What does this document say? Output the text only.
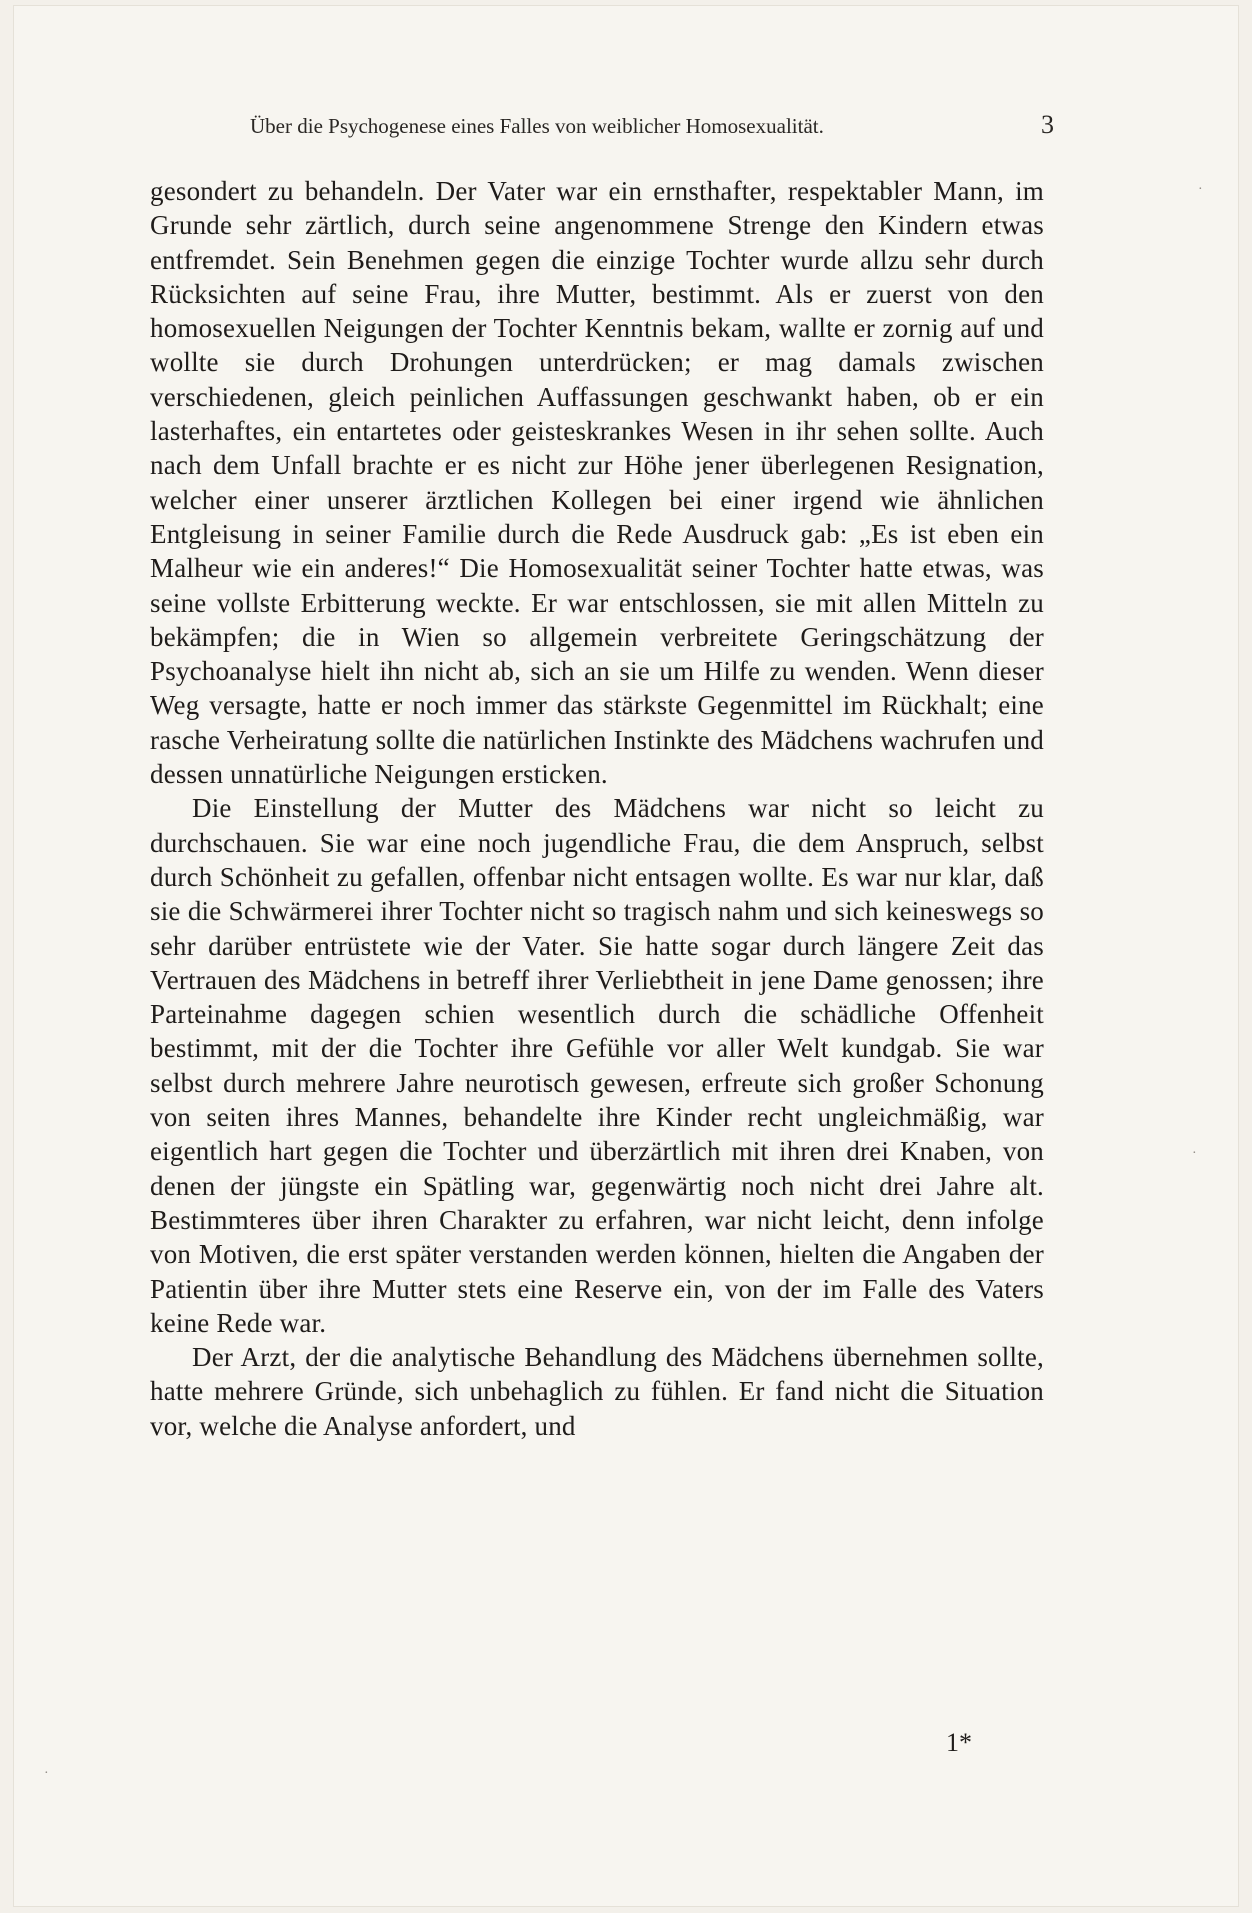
Über die Psychogenese eines Falles von weiblicher Homosexualität.	3

gesondert zu behandeln. Der Vater war ein ernsthafter, respektabler Mann, im Grunde sehr zärtlich, durch seine angenommene Strenge den Kindern etwas entfremdet. Sein Benehmen gegen die einzige Tochter wurde allzu sehr durch Rücksichten auf seine Frau, ihre Mutter, bestimmt. Als er zuerst von den homosexuellen Neigungen der Tochter Kenntnis bekam, wallte er zornig auf und wollte sie durch Drohungen unterdrücken; er mag damals zwischen verschiedenen, gleich peinlichen Auffassungen geschwankt haben, ob er ein lasterhaftes, ein entartetes oder geisteskrankes Wesen in ihr sehen sollte. Auch nach dem Unfall brachte er es nicht zur Höhe jener überlegenen Resignation, welcher einer unserer ärztlichen Kollegen bei einer irgend wie ähnlichen Entgleisung in seiner Familie durch die Rede Ausdruck gab: „Es ist eben ein Malheur wie ein anderes!“ Die Homosexualität seiner Tochter hatte etwas, was seine vollste Erbitterung weckte. Er war entschlossen, sie mit allen Mitteln zu bekämpfen; die in Wien so allgemein verbreitete Geringschätzung der Psychoanalyse hielt ihn nicht ab, sich an sie um Hilfe zu wenden. Wenn dieser Weg versagte, hatte er noch immer das stärkste Gegenmittel im Rückhalt; eine rasche Verheiratung sollte die natürlichen Instinkte des Mädchens wachrufen und dessen unnatürliche Neigungen ersticken.

Die Einstellung der Mutter des Mädchens war nicht so leicht zu durchschauen. Sie war eine noch jugendliche Frau, die dem Anspruch, selbst durch Schönheit zu gefallen, offenbar nicht entsagen wollte. Es war nur klar, daß sie die Schwärmerei ihrer Tochter nicht so tragisch nahm und sich keineswegs so sehr darüber entrüstete wie der Vater. Sie hatte sogar durch längere Zeit das Vertrauen des Mädchens in betreff ihrer Verliebtheit in jene Dame genossen; ihre Parteinahme dagegen schien wesentlich durch die schädliche Offenheit bestimmt, mit der die Tochter ihre Gefühle vor aller Welt kundgab. Sie war selbst durch mehrere Jahre neurotisch gewesen, erfreute sich großer Schonung von seiten ihres Mannes, behandelte ihre Kinder recht ungleichmäßig, war eigentlich hart gegen die Tochter und überzärtlich mit ihren drei Knaben, von denen der jüngste ein Spätling war, gegenwärtig noch nicht drei Jahre alt. Bestimmteres über ihren Charakter zu erfahren, war nicht leicht, denn infolge von Motiven, die erst später verstanden werden können, hielten die Angaben der Patientin über ihre Mutter stets eine Reserve ein, von der im Falle des Vaters keine Rede war.

Der Arzt, der die analytische Behandlung des Mädchens übernehmen sollte, hatte mehrere Gründe, sich unbehaglich zu fühlen. Er fand nicht die Situation vor, welche die Analyse anfordert, und

1*
·
·
·
